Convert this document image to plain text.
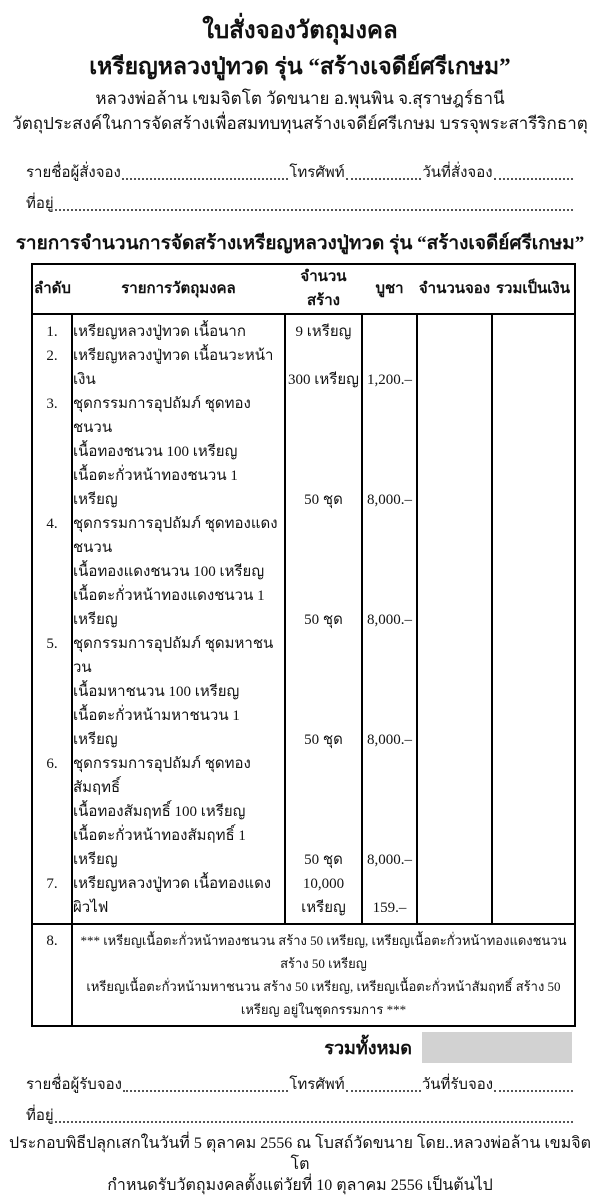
ใบสั่งจองวัตถุมงคล
เหรียญหลวงปู่ทวด รุ่น “สร้างเจดีย์ศรีเกษม”
หลวงพ่อล้าน เขมจิตโต วัดขนาย อ.พุนพิน จ.สุราษฎร์ธานี
วัตถุประสงค์ในการจัดสร้างเพื่อสมทบทุนสร้างเจดีย์ศรีเกษม บรรจุพระสารีริกธาตุ
รายชื่อผู้สั่งจอง	โทรศัพท์	วันที่สั่งจอง
ที่อยู่
รายการจำนวนการจัดสร้างเหรียญหลวงปู่ทวด รุ่น “สร้างเจดีย์ศรีเกษม”
ลำดับ	รายการวัตถุมงคล	จำนวนสร้าง	บูชา	จำนวนจอง	รวมเป็นเงิน
1.	เหรียญหลวงปู่ทวด เนื้อนาก	9 เหรียญ			
2.	เหรียญหลวงปู่ทวด เนื้อนวะหน้าเงิน	300 เหรียญ	1,200.–		
3.	ชุดกรรมการอุปถัมภ์ ชุดทองชนวน
เนื้อทองชนวน 100 เหรียญ
เนื้อตะกั่วหน้าทองชนวน 1 เหรียญ	50 ชุด	8,000.–		
4.	ชุดกรรมการอุปถัมภ์ ชุดทองแดงชนวน
เนื้อทองแดงชนวน 100 เหรียญ
เนื้อตะกั่วหน้าทองแดงชนวน 1 เหรียญ	50 ชุด	8,000.–		
5.	ชุดกรรมการอุปถัมภ์ ชุดมหาชนวน
เนื้อมหาชนวน 100 เหรียญ
เนื้อตะกั่วหน้ามหาชนวน 1 เหรียญ	50 ชุด	8,000.–		
6.	ชุดกรรมการอุปถัมภ์ ชุดทองสัมฤทธิ์
เนื้อทองสัมฤทธิ์ 100 เหรียญ
เนื้อตะกั่วหน้าทองสัมฤทธิ์ 1 เหรียญ	50 ชุด	8,000.–		
7.	เหรียญหลวงปู่ทวด เนื้อทองแดงผิวไฟ	10,000 เหรียญ	159.–		
8.	*** เหรียญเนื้อตะกั่วหน้าทองชนวน สร้าง 50 เหรียญ, เหรียญเนื้อตะกั่วหน้าทองแดงชนวน สร้าง 50 เหรียญ
เหรียญเนื้อตะกั่วหน้ามหาชนวน สร้าง 50 เหรียญ, เหรียญเนื้อตะกั่วหน้าสัมฤทธิ์ สร้าง 50 เหรียญ อยู่ในชุดกรรมการ ***				
รวมทั้งหมด
รายชื่อผู้รับจอง	โทรศัพท์	วันที่รับจอง
ที่อยู่
ประกอบพิธีปลุกเสกในวันที่ 5 ตุลาคม 2556 ณ โบสถ์วัดขนาย โดย..หลวงพ่อล้าน เขมจิตโต
กำหนดรับวัตถุมงคลตั้งแต่วัยที่ 10 ตุลาคม 2556 เป็นต้นไป
